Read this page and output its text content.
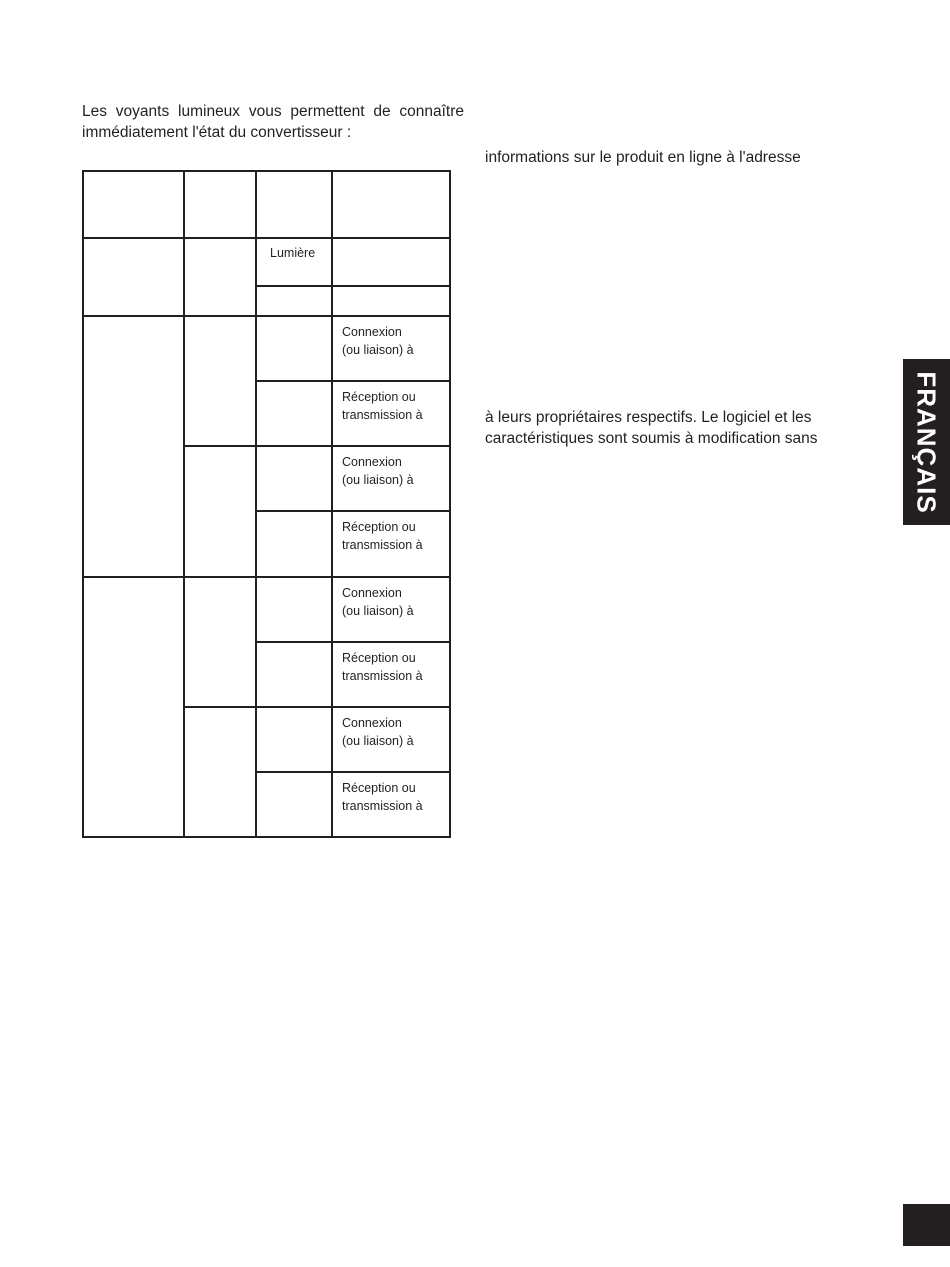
Les voyants lumineux vous permettent de connaître
immédiatement l'état du convertisseur :
informations sur le produit en ligne à l'adresse
à leurs propriétaires respectifs. Le logiciel et les
caractéristiques sont soumis à modification sans
Lumière
Connexion
(ou liaison) à
Réception ou
transmission à
Connexion
(ou liaison) à
Réception ou
transmission à
Connexion
(ou liaison) à
Réception ou
transmission à
Connexion
(ou liaison) à
Réception ou
transmission à
FRANÇAIS
